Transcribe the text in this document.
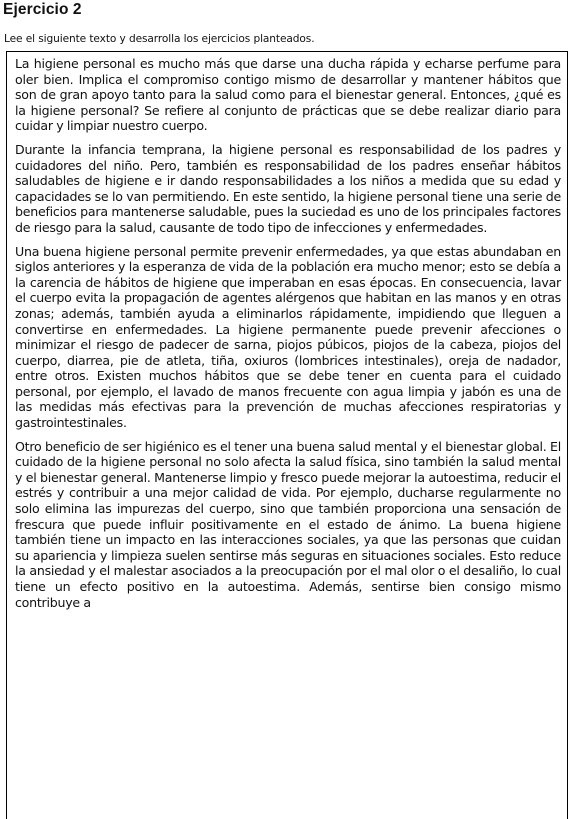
Ejercicio 2

Lee el siguiente texto y desarrolla los ejercicios planteados.

La higiene personal es mucho más que darse una ducha rápida y echarse perfume para oler bien. Implica el compromiso contigo mismo de desarrollar y mantener hábitos que son de gran apoyo tanto para la salud como para el bienestar general. Entonces, ¿qué es la higiene personal? Se refiere al conjunto de prácticas que se debe realizar diario para cuidar y limpiar nuestro cuerpo.

Durante la infancia temprana, la higiene personal es responsabilidad de los padres y cuidadores del niño. Pero, también es responsabilidad de los padres enseñar hábitos saludables de higiene e ir dando responsabilidades a los niños a medida que su edad y capacidades se lo van permitiendo. En este sentido, la higiene personal tiene una serie de beneficios para mantenerse saludable, pues la suciedad es uno de los principales factores de riesgo para la salud, causante de todo tipo de infecciones y enfermedades.

Una buena higiene personal permite prevenir enfermedades, ya que estas abundaban en siglos anteriores y la esperanza de vida de la población era mucho menor; esto se debía a la carencia de hábitos de higiene que imperaban en esas épocas. En consecuencia, lavar el cuerpo evita la propagación de agentes alérgenos que habitan en las manos y en otras zonas; además, también ayuda a eliminarlos rápidamente, impidiendo que lleguen a convertirse en enfermedades. La higiene permanente puede prevenir afecciones o minimizar el riesgo de padecer de sarna, piojos púbicos, piojos de la cabeza, piojos del cuerpo, diarrea, pie de atleta, tiña, oxiuros (lombrices intestinales), oreja de nadador, entre otros. Existen muchos hábitos que se debe tener en cuenta para el cuidado personal, por ejemplo, el lavado de manos frecuente con agua limpia y jabón es una de las medidas más efectivas para la prevención de muchas afecciones respiratorias y gastrointestinales.

Otro beneficio de ser higiénico es el tener una buena salud mental y el bienestar global. El cuidado de la higiene personal no solo afecta la salud física, sino también la salud mental y el bienestar general. Mantenerse limpio y fresco puede mejorar la autoestima, reducir el estrés y contribuir a una mejor calidad de vida. Por ejemplo, ducharse regularmente no solo elimina las impurezas del cuerpo, sino que también proporciona una sensación de frescura que puede influir positivamente en el estado de ánimo. La buena higiene también tiene un impacto en las interacciones sociales, ya que las personas que cuidan su apariencia y limpieza suelen sentirse más seguras en situaciones sociales. Esto reduce la ansiedad y el malestar asociados a la preocupación por el mal olor o el desaliño, lo cual tiene un efecto positivo en la autoestima. Además, sentirse bien consigo mismo contribuye a
